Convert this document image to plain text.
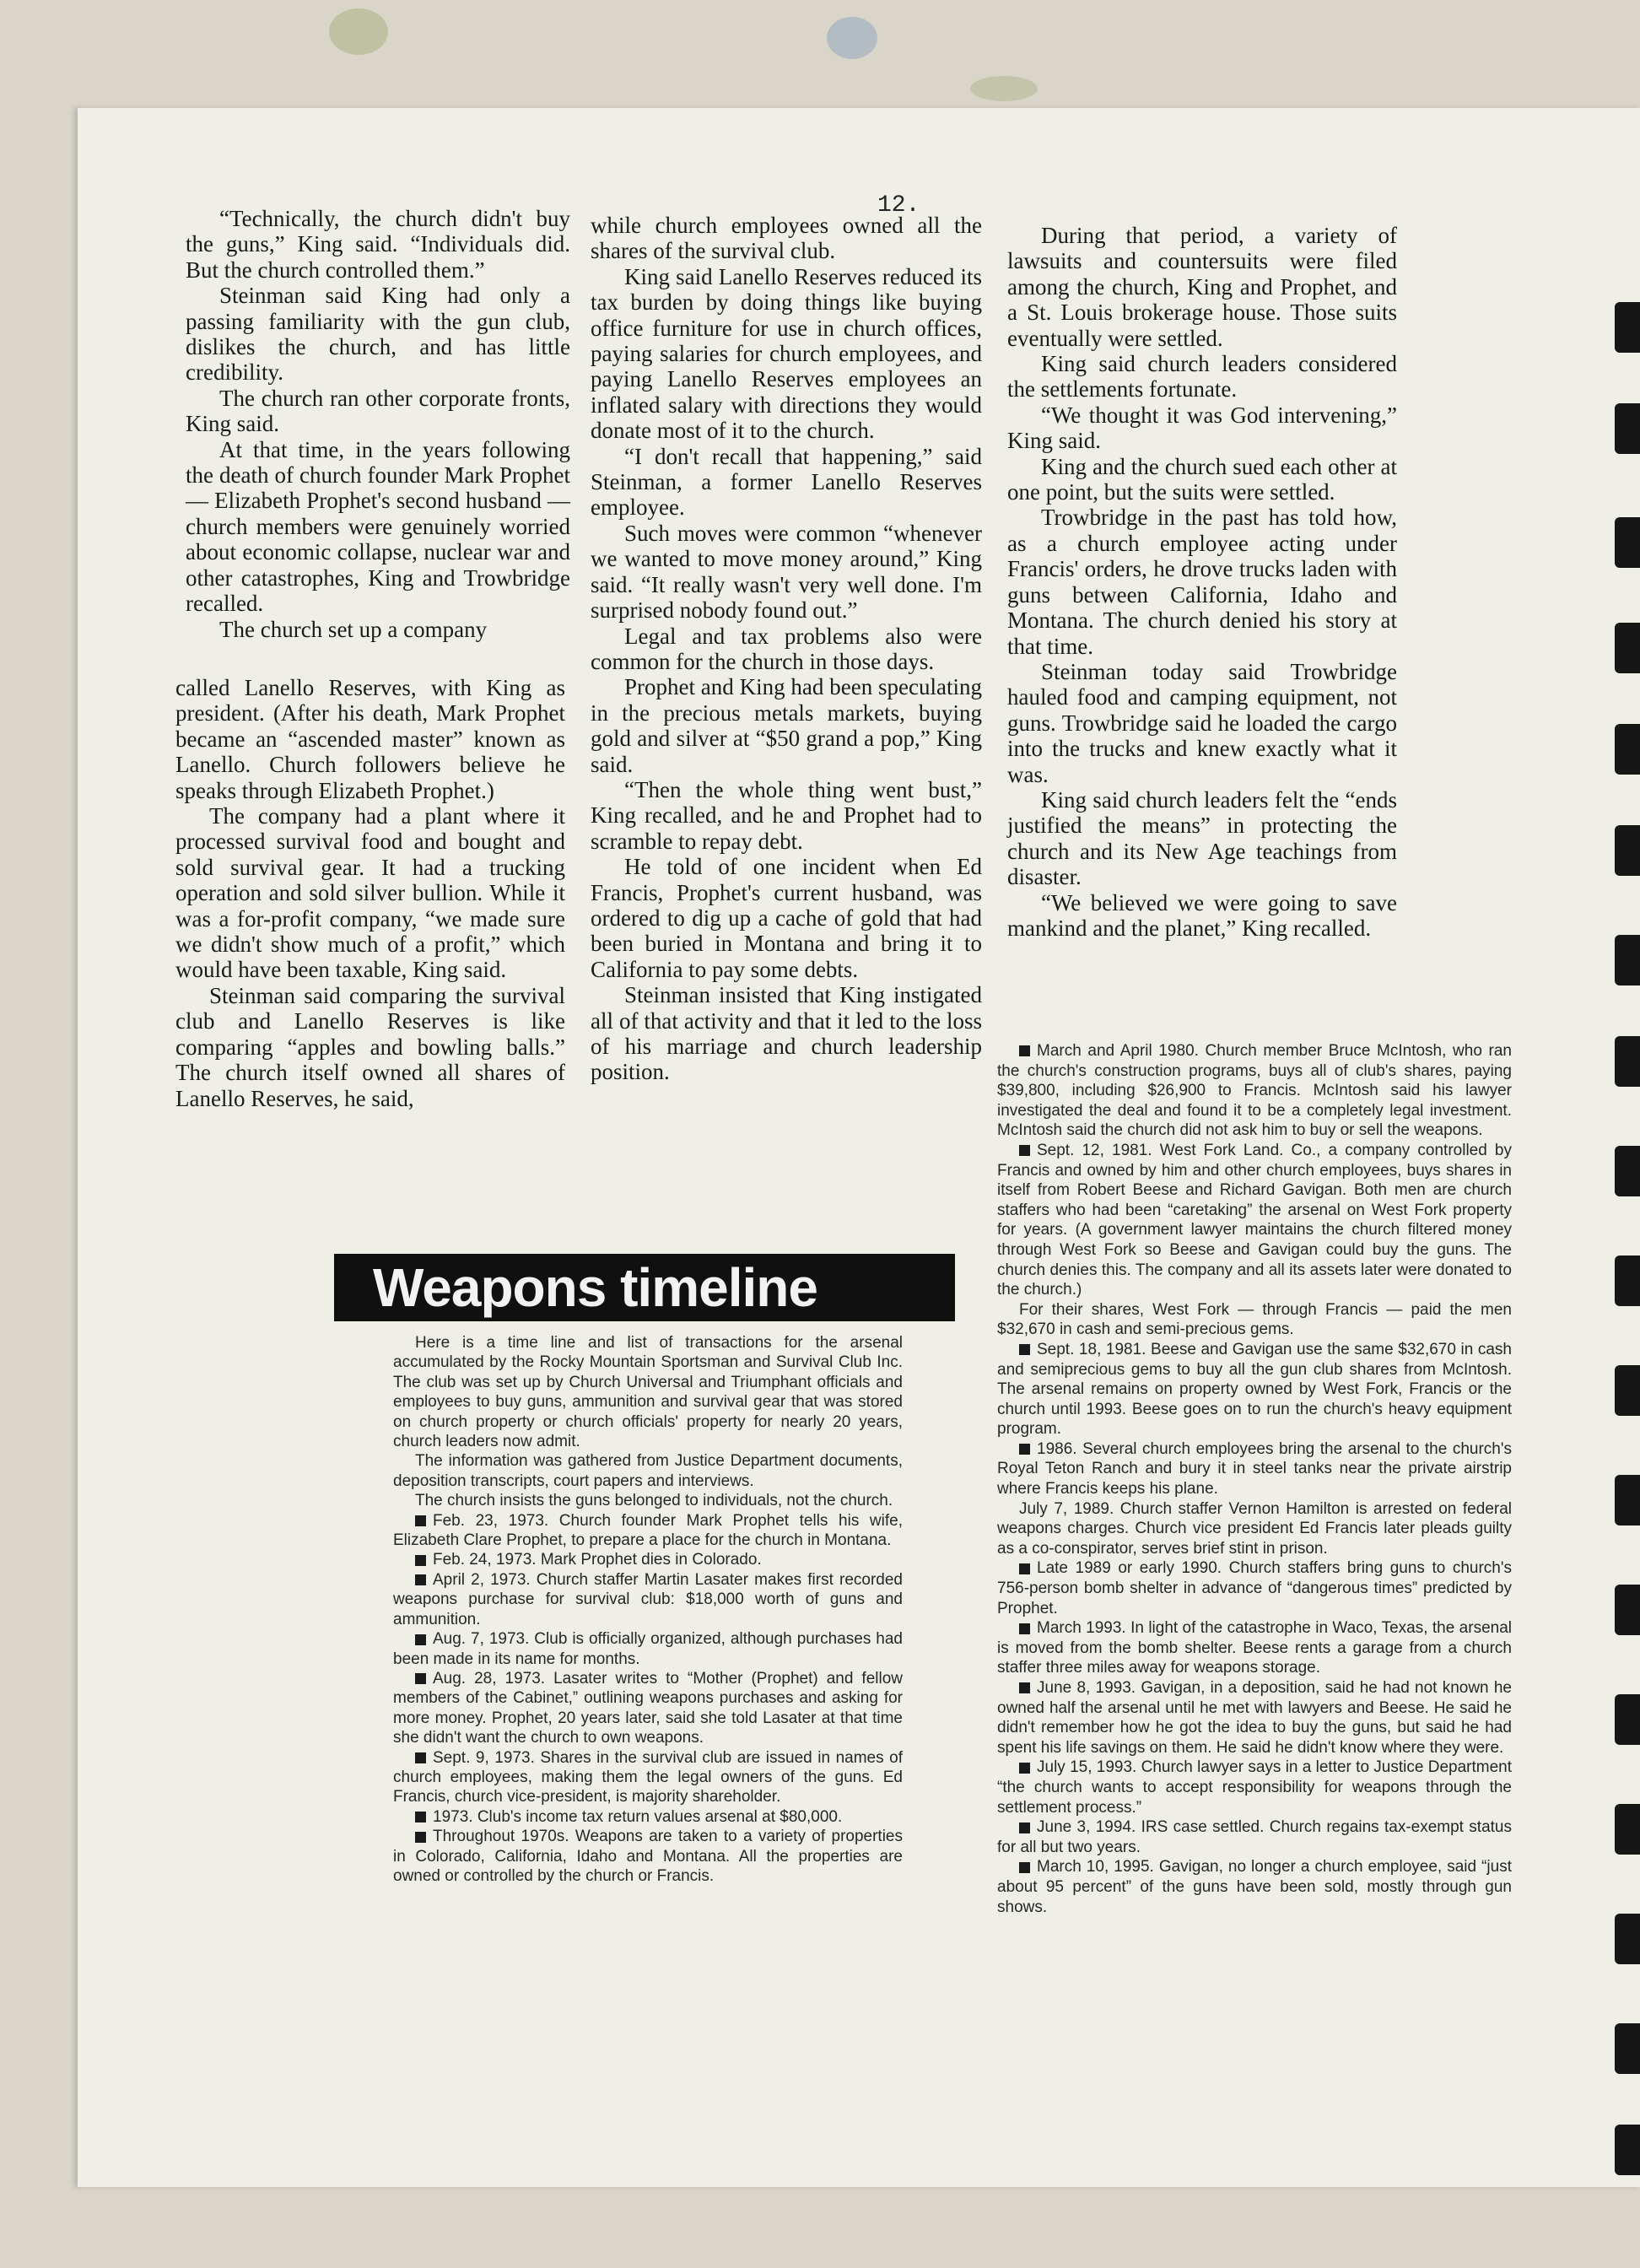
12.

“Technically, the church didn't buy the guns,” King said. “Individuals did. But the church controlled them.”

Steinman said King had only a passing familiarity with the gun club, dislikes the church, and has little credibility.

The church ran other corporate fronts, King said.

At that time, in the years following the death of church founder Mark Prophet — Elizabeth Prophet's second husband — church members were genuinely worried about economic collapse, nuclear war and other catastrophes, King and Trowbridge recalled.

The church set up a company

called Lanello Reserves, with King as president. (After his death, Mark Prophet became an “ascended master” known as Lanello. Church followers believe he speaks through Elizabeth Prophet.)

The company had a plant where it processed survival food and bought and sold survival gear. It had a trucking operation and sold silver bullion. While it was a for-profit company, “we made sure we didn't show much of a profit,” which would have been taxable, King said.

Steinman said comparing the survival club and Lanello Reserves is like comparing “apples and bowling balls.” The church itself owned all shares of Lanello Reserves, he said,

while church employees owned all the shares of the survival club.

King said Lanello Reserves reduced its tax burden by doing things like buying office furniture for use in church offices, paying salaries for church employees, and paying Lanello Reserves employees an inflated salary with directions they would donate most of it to the church.

“I don't recall that happening,” said Steinman, a former Lanello Reserves employee.

Such moves were common “whenever we wanted to move money around,” King said. “It really wasn't very well done. I'm surprised nobody found out.”

Legal and tax problems also were common for the church in those days.

Prophet and King had been speculating in the precious metals markets, buying gold and silver at “$50 grand a pop,” King said.

“Then the whole thing went bust,” King recalled, and he and Prophet had to scramble to repay debt.

He told of one incident when Ed Francis, Prophet's current husband, was ordered to dig up a cache of gold that had been buried in Montana and bring it to California to pay some debts.

Steinman insisted that King instigated all of that activity and that it led to the loss of his marriage and church leadership position.

During that period, a variety of lawsuits and countersuits were filed among the church, King and Prophet, and a St. Louis brokerage house. Those suits eventually were settled.

King said church leaders considered the settlements fortunate.

“We thought it was God intervening,” King said.

King and the church sued each other at one point, but the suits were settled.

Trowbridge in the past has told how, as a church employee acting under Francis' orders, he drove trucks laden with guns between California, Idaho and Montana. The church denied his story at that time.

Steinman today said Trowbridge hauled food and camping equipment, not guns. Trowbridge said he loaded the cargo into the trucks and knew exactly what it was.

King said church leaders felt the “ends justified the means” in protecting the church and its New Age teachings from disaster.

“We believed we were going to save mankind and the planet,” King recalled.

Weapons timeline

Here is a time line and list of transactions for the arsenal accumulated by the Rocky Mountain Sportsman and Survival Club Inc. The club was set up by Church Universal and Triumphant officials and employees to buy guns, ammunition and survival gear that was stored on church property or church officials' property for nearly 20 years, church leaders now admit.

The information was gathered from Justice Department documents, deposition transcripts, court papers and interviews.

The church insists the guns belonged to individuals, not the church.

Feb. 23, 1973. Church founder Mark Prophet tells his wife, Elizabeth Clare Prophet, to prepare a place for the church in Montana.

Feb. 24, 1973. Mark Prophet dies in Colorado.

April 2, 1973. Church staffer Martin Lasater makes first recorded weapons purchase for survival club: $18,000 worth of guns and ammunition.

Aug. 7, 1973. Club is officially organized, although purchases had been made in its name for months.

Aug. 28, 1973. Lasater writes to “Mother (Prophet) and fellow members of the Cabinet,” outlining weapons purchases and asking for more money. Prophet, 20 years later, said she told Lasater at that time she didn't want the church to own weapons.

Sept. 9, 1973. Shares in the survival club are issued in names of church employees, making them the legal owners of the guns. Ed Francis, church vice-president, is majority shareholder.

1973. Club's income tax return values arsenal at $80,000.

Throughout 1970s. Weapons are taken to a variety of properties in Colorado, California, Idaho and Montana. All the properties are owned or controlled by the church or Francis.

March and April 1980. Church member Bruce McIntosh, who ran the church's construction programs, buys all of club's shares, paying $39,800, including $26,900 to Francis. McIntosh said his lawyer investigated the deal and found it to be a completely legal investment. McIntosh said the church did not ask him to buy or sell the weapons.

Sept. 12, 1981. West Fork Land. Co., a company controlled by Francis and owned by him and other church employees, buys shares in itself from Robert Beese and Richard Gavigan. Both men are church staffers who had been “caretaking” the arsenal on West Fork property for years. (A government lawyer maintains the church filtered money through West Fork so Beese and Gavigan could buy the guns. The church denies this. The company and all its assets later were donated to the church.)

For their shares, West Fork — through Francis — paid the men $32,670 in cash and semi-precious gems.

Sept. 18, 1981. Beese and Gavigan use the same $32,670 in cash and semiprecious gems to buy all the gun club shares from McIntosh. The arsenal remains on property owned by West Fork, Francis or the church until 1993. Beese goes on to run the church's heavy equipment program.

1986. Several church employees bring the arsenal to the church's Royal Teton Ranch and bury it in steel tanks near the private airstrip where Francis keeps his plane.

July 7, 1989. Church staffer Vernon Hamilton is arrested on federal weapons charges. Church vice president Ed Francis later pleads guilty as a co-conspirator, serves brief stint in prison.

Late 1989 or early 1990. Church staffers bring guns to church's 756-person bomb shelter in advance of “dangerous times” predicted by Prophet.

March 1993. In light of the catastrophe in Waco, Texas, the arsenal is moved from the bomb shelter. Beese rents a garage from a church staffer three miles away for weapons storage.

June 8, 1993. Gavigan, in a deposition, said he had not known he owned half the arsenal until he met with lawyers and Beese. He said he didn't remember how he got the idea to buy the guns, but said he had spent his life savings on them. He said he didn't know where they were.

July 15, 1993. Church lawyer says in a letter to Justice Department “the church wants to accept responsibility for weapons through the settlement process.”

June 3, 1994. IRS case settled. Church regains tax-exempt status for all but two years.

March 10, 1995. Gavigan, no longer a church employee, said “just about 95 percent” of the guns have been sold, mostly through gun shows.
